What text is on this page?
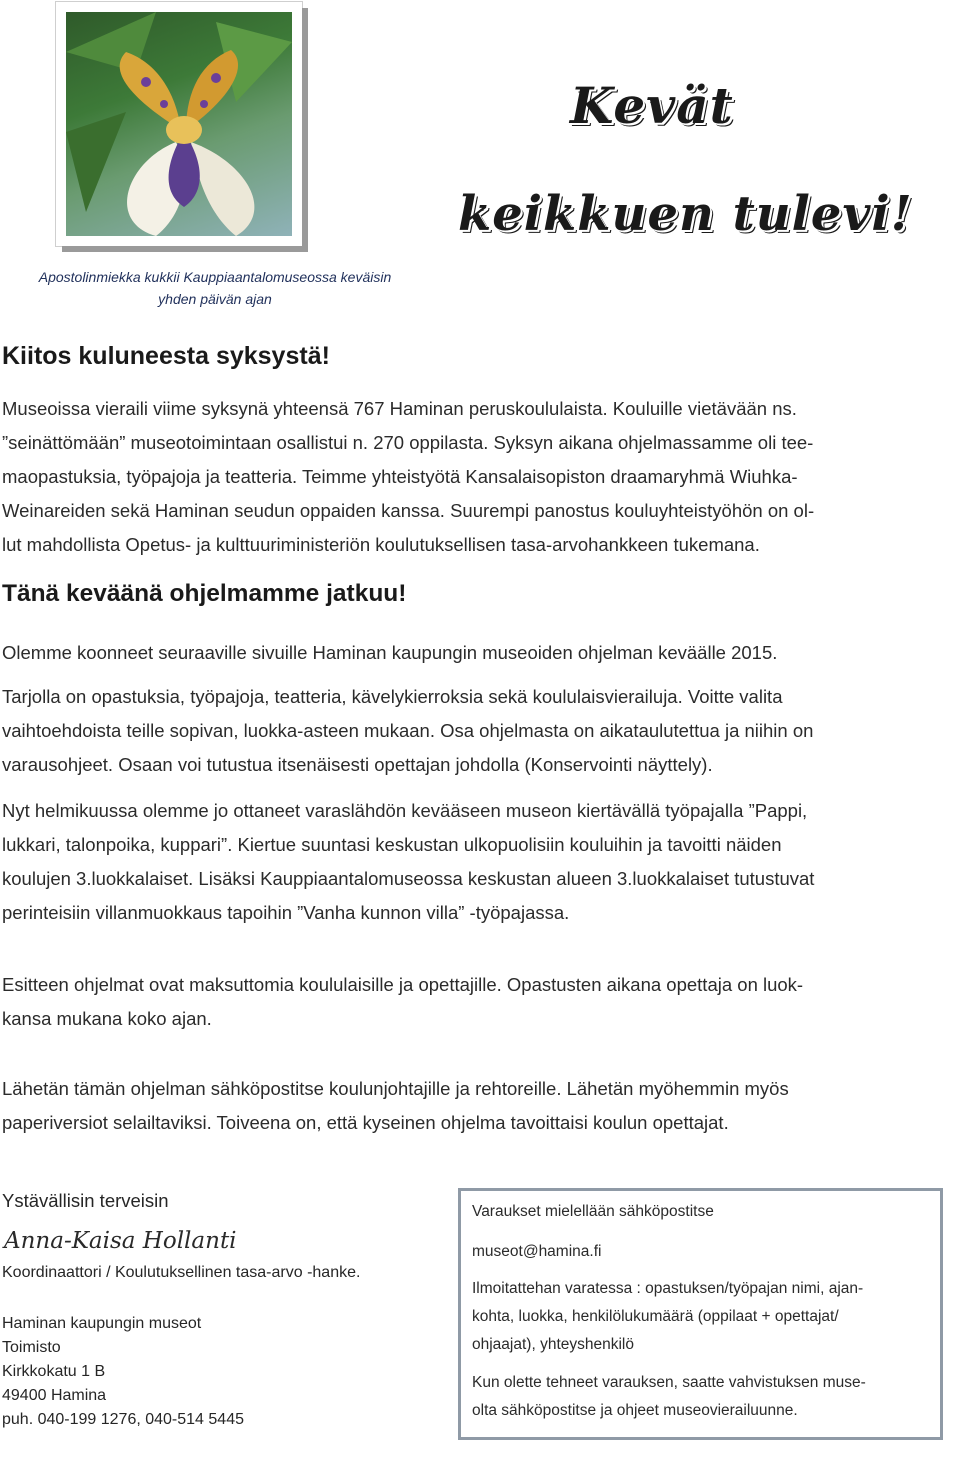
Apostolinmiekka kukkii Kauppiaantalomuseossa keväisin
yhden päivän ajan
Kevät
keikkuen tulevi!
Kiitos kuluneesta syksystä!
Museoissa vieraili viime syksynä yhteensä 767 Haminan peruskoululaista. Kouluille vietävään ns.
”seinättömään” museotoimintaan osallistui n. 270 oppilasta. Syksyn aikana ohjelmassamme oli tee-
maopastuksia, työpajoja ja teatteria. Teimme yhteistyötä Kansalaisopiston draamaryhmä Wiuhka-
Weinareiden sekä Haminan seudun oppaiden kanssa. Suurempi panostus kouluyhteistyöhön on ol-
lut mahdollista Opetus- ja kulttuuriministeriön koulutuksellisen tasa-arvohankkeen tukemana.
Tänä keväänä ohjelmamme jatkuu!
Olemme koonneet seuraaville sivuille Haminan kaupungin museoiden ohjelman keväälle 2015.
Tarjolla on opastuksia, työpajoja, teatteria, kävelykierroksia sekä koululaisvierailuja. Voitte valita
vaihtoehdoista teille sopivan, luokka-asteen mukaan. Osa ohjelmasta on aikataulutettua ja niihin on
varausohjeet. Osaan voi tutustua itsenäisesti opettajan johdolla (Konservointi näyttely).
Nyt helmikuussa olemme jo ottaneet varaslähdön kevääseen museon kiertävällä työpajalla ”Pappi,
lukkari, talonpoika, kuppari”. Kiertue suuntasi keskustan ulkopuolisiin kouluihin ja tavoitti näiden
koulujen 3.luokkalaiset. Lisäksi Kauppiaantalomuseossa keskustan alueen 3.luokkalaiset tutustuvat
perinteisiin villanmuokkaus tapoihin ”Vanha kunnon villa” -työpajassa.
Esitteen ohjelmat ovat maksuttomia koululaisille ja opettajille. Opastusten aikana opettaja on luok-
kansa mukana koko ajan.
Lähetän tämän ohjelman sähköpostitse koulunjohtajille ja rehtoreille. Lähetän myöhemmin myös
paperiversiot selailtaviksi. Toiveena on, että kyseinen ohjelma tavoittaisi koulun opettajat.
Ystävällisin terveisin
Anna-Kaisa Hollanti
Koordinaattori / Koulutuksellinen tasa-arvo -hanke.
Haminan kaupungin museot
Toimisto
Kirkkokatu 1 B
49400 Hamina
puh. 040-199 1276, 040-514 5445
Varaukset mielellään sähköpostitse
museot@hamina.fi
Ilmoitattehan varatessa : opastuksen/työpajan nimi, ajan-
kohta, luokka, henkilölukumäärä (oppilaat + opettajat/
ohjaajat), yhteyshenkilö
Kun olette tehneet varauksen, saatte vahvistuksen muse-
olta sähköpostitse ja ohjeet museovierailuunne.
